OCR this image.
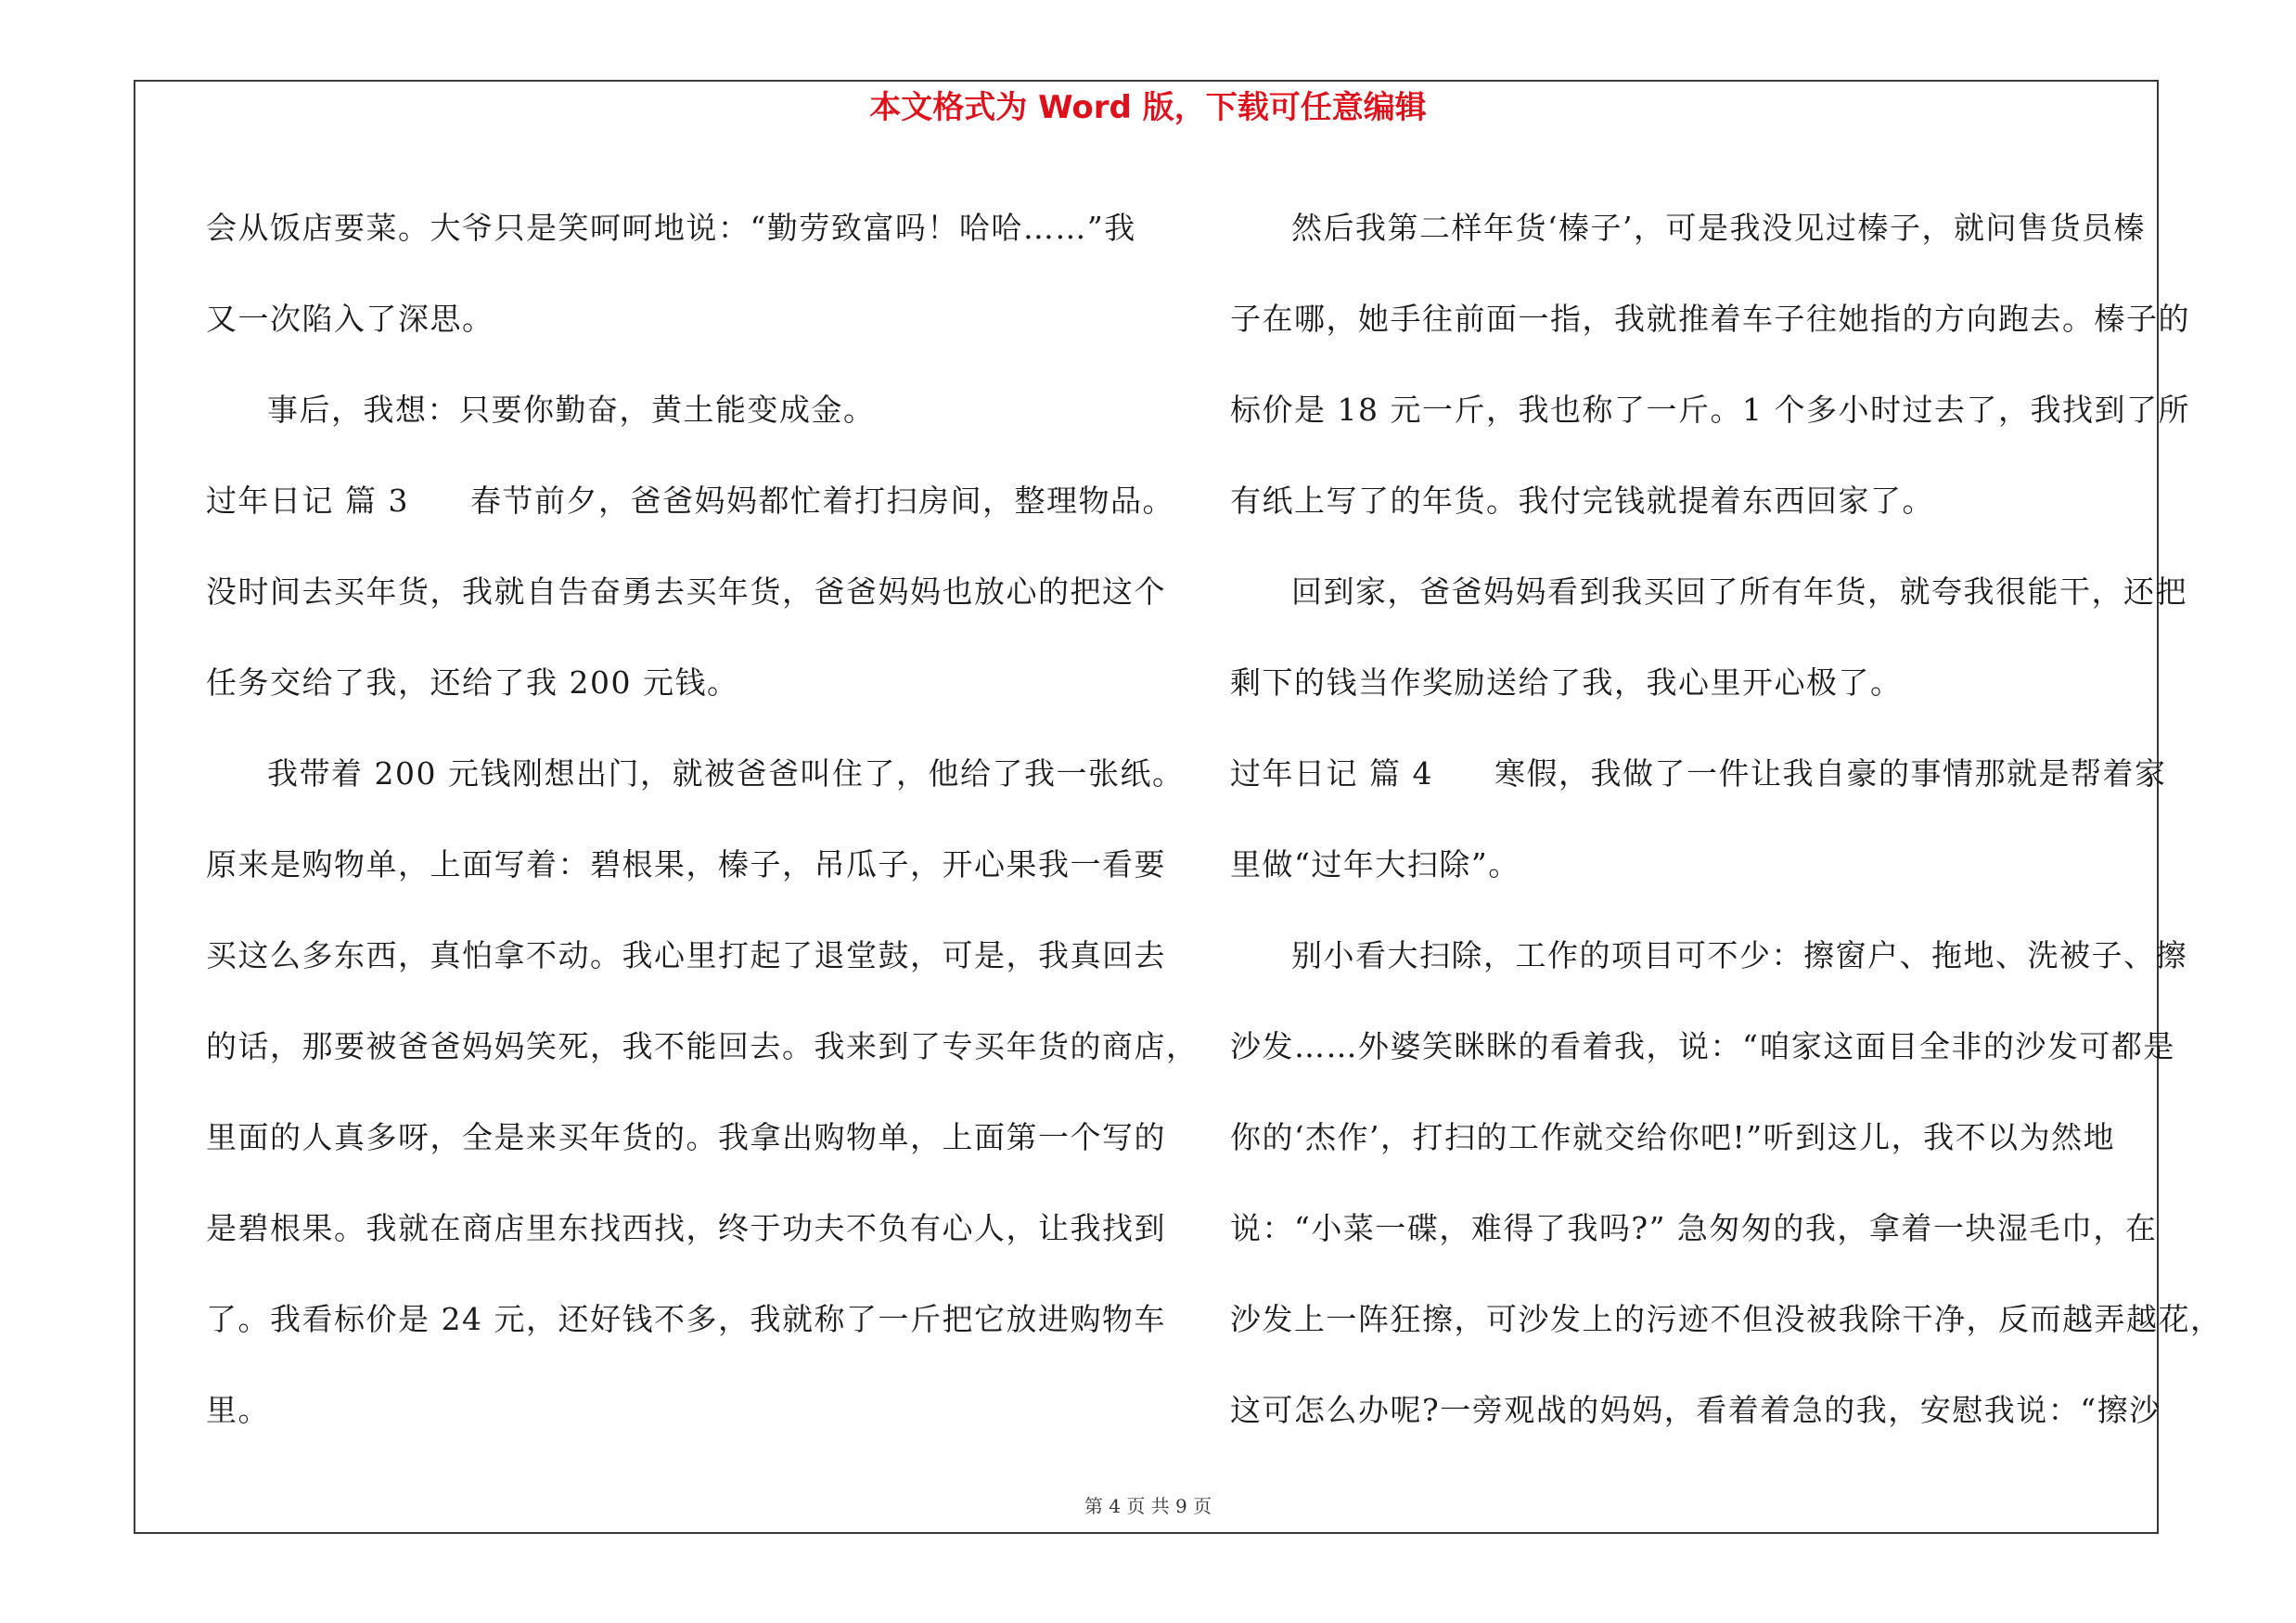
本文格式为 Word 版，下载可任意编辑
会从饭店要菜。大爷只是笑呵呵地说：“勤劳致富吗！哈哈……”我
又一次陷入了深思。
事后，我想：只要你勤奋，黄土能变成金。
过年日记 篇 3 春节前夕，爸爸妈妈都忙着打扫房间，整理物品。
没时间去买年货，我就自告奋勇去买年货，爸爸妈妈也放心的把这个
任务交给了我，还给了我 200 元钱。
我带着 200 元钱刚想出门，就被爸爸叫住了，他给了我一张纸。
原来是购物单，上面写着：碧根果，榛子，吊瓜子，开心果我一看要
买这么多东西，真怕拿不动。我心里打起了退堂鼓，可是，我真回去
的话，那要被爸爸妈妈笑死，我不能回去。我来到了专买年货的商店，
里面的人真多呀，全是来买年货的。我拿出购物单，上面第一个写的
是碧根果。我就在商店里东找西找，终于功夫不负有心人，让我找到
了。我看标价是 24 元，还好钱不多，我就称了一斤把它放进购物车
里。
然后我第二样年货‘榛子’，可是我没见过榛子，就问售货员榛
子在哪，她手往前面一指，我就推着车子往她指的方向跑去。榛子的
标价是 18 元一斤，我也称了一斤。1 个多小时过去了，我找到了所
有纸上写了的年货。我付完钱就提着东西回家了。
回到家，爸爸妈妈看到我买回了所有年货，就夸我很能干，还把
剩下的钱当作奖励送给了我，我心里开心极了。
过年日记 篇 4 寒假，我做了一件让我自豪的事情那就是帮着家
里做“过年大扫除”。
别小看大扫除，工作的项目可不少：擦窗户、拖地、洗被子、擦
沙发……外婆笑眯眯的看着我，说：“咱家这面目全非的沙发可都是
你的‘杰作’，打扫的工作就交给你吧!”听到这儿，我不以为然地
说：“小菜一碟，难得了我吗?” 急匆匆的我，拿着一块湿毛巾，在
沙发上一阵狂擦，可沙发上的污迹不但没被我除干净，反而越弄越花，
这可怎么办呢?一旁观战的妈妈，看着着急的我，安慰我说：“擦沙
第 4 页 共 9 页
